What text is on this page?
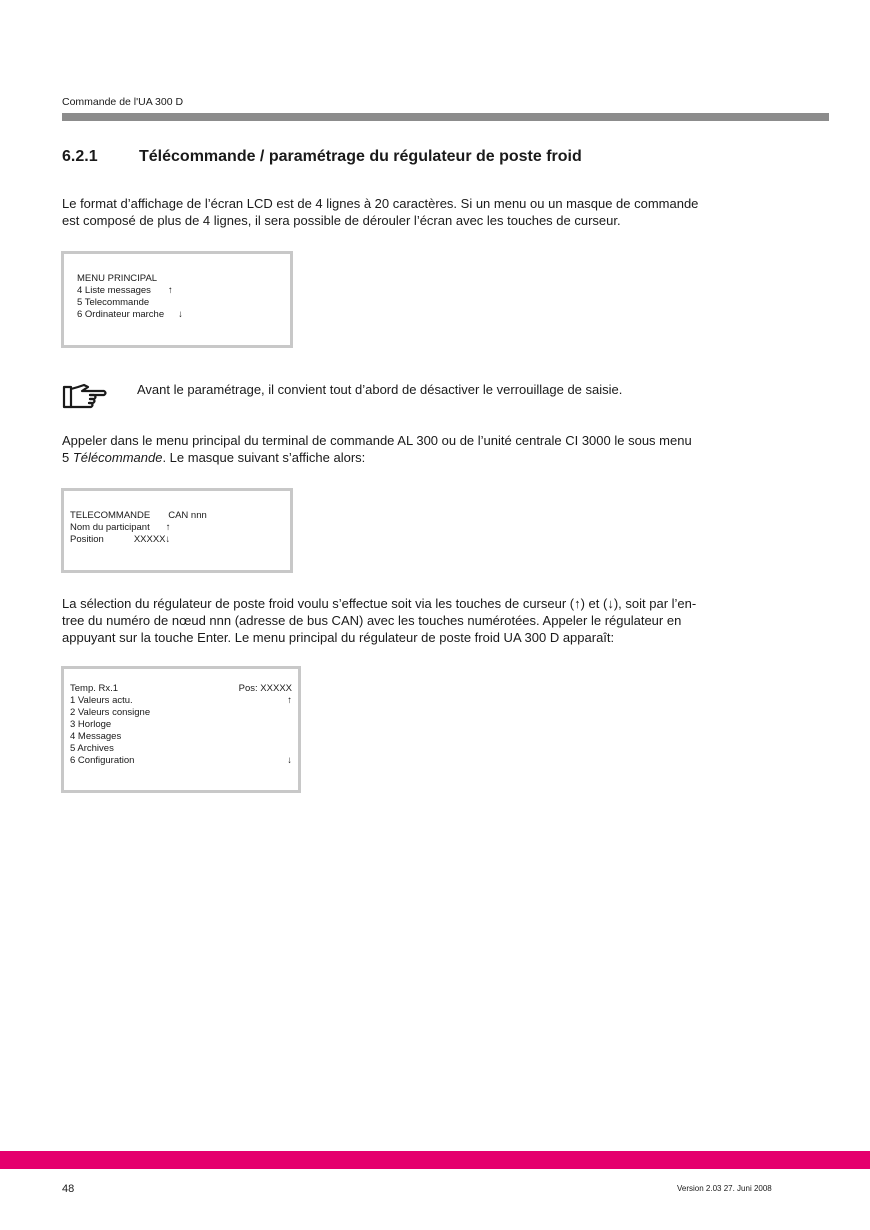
Commande de l'UA 300 D
6.2.1	Télécommande / paramétrage du régulateur de poste froid
Le format d’affichage de l’écran LCD est de 4 lignes à 20 caractères. Si un menu ou un masque de commande
est composé de plus de 4 lignes, il sera possible de dérouler l’écran avec les touches de curseur.
MENU PRINCIPAL
4 Liste messages ↑
5 Telecommande
6 Ordinateur marche ↓
Avant le paramétrage, il convient tout d’abord de désactiver le verrouillage de saisie.
Appeler dans le menu principal du terminal de commande AL 300 ou de l’unité centrale CI 3000 le sous menu
5 Télécommande. Le masque suivant s’affiche alors:
TELECOMMANDE CAN nnn
Nom du participant ↑
Position	XXXXX ↓
La sélection du régulateur de poste froid voulu s’effectue soit via les touches de curseur (↑) et (↓), soit par l’en-
tree du numéro de nœud nnn (adresse de bus CAN) avec les touches numérotées. Appeler le régulateur en
appuyant sur la touche Enter. Le menu principal du régulateur de poste froid UA 300 D apparaît:
Temp. Rx.1	Pos: XXXXX
1 Valeurs actu.	↑
2 Valeurs consigne
3 Horloge
4 Messages
5 Archives
6 Configuration	↓
48	Version 2.03 27. Juni 2008
